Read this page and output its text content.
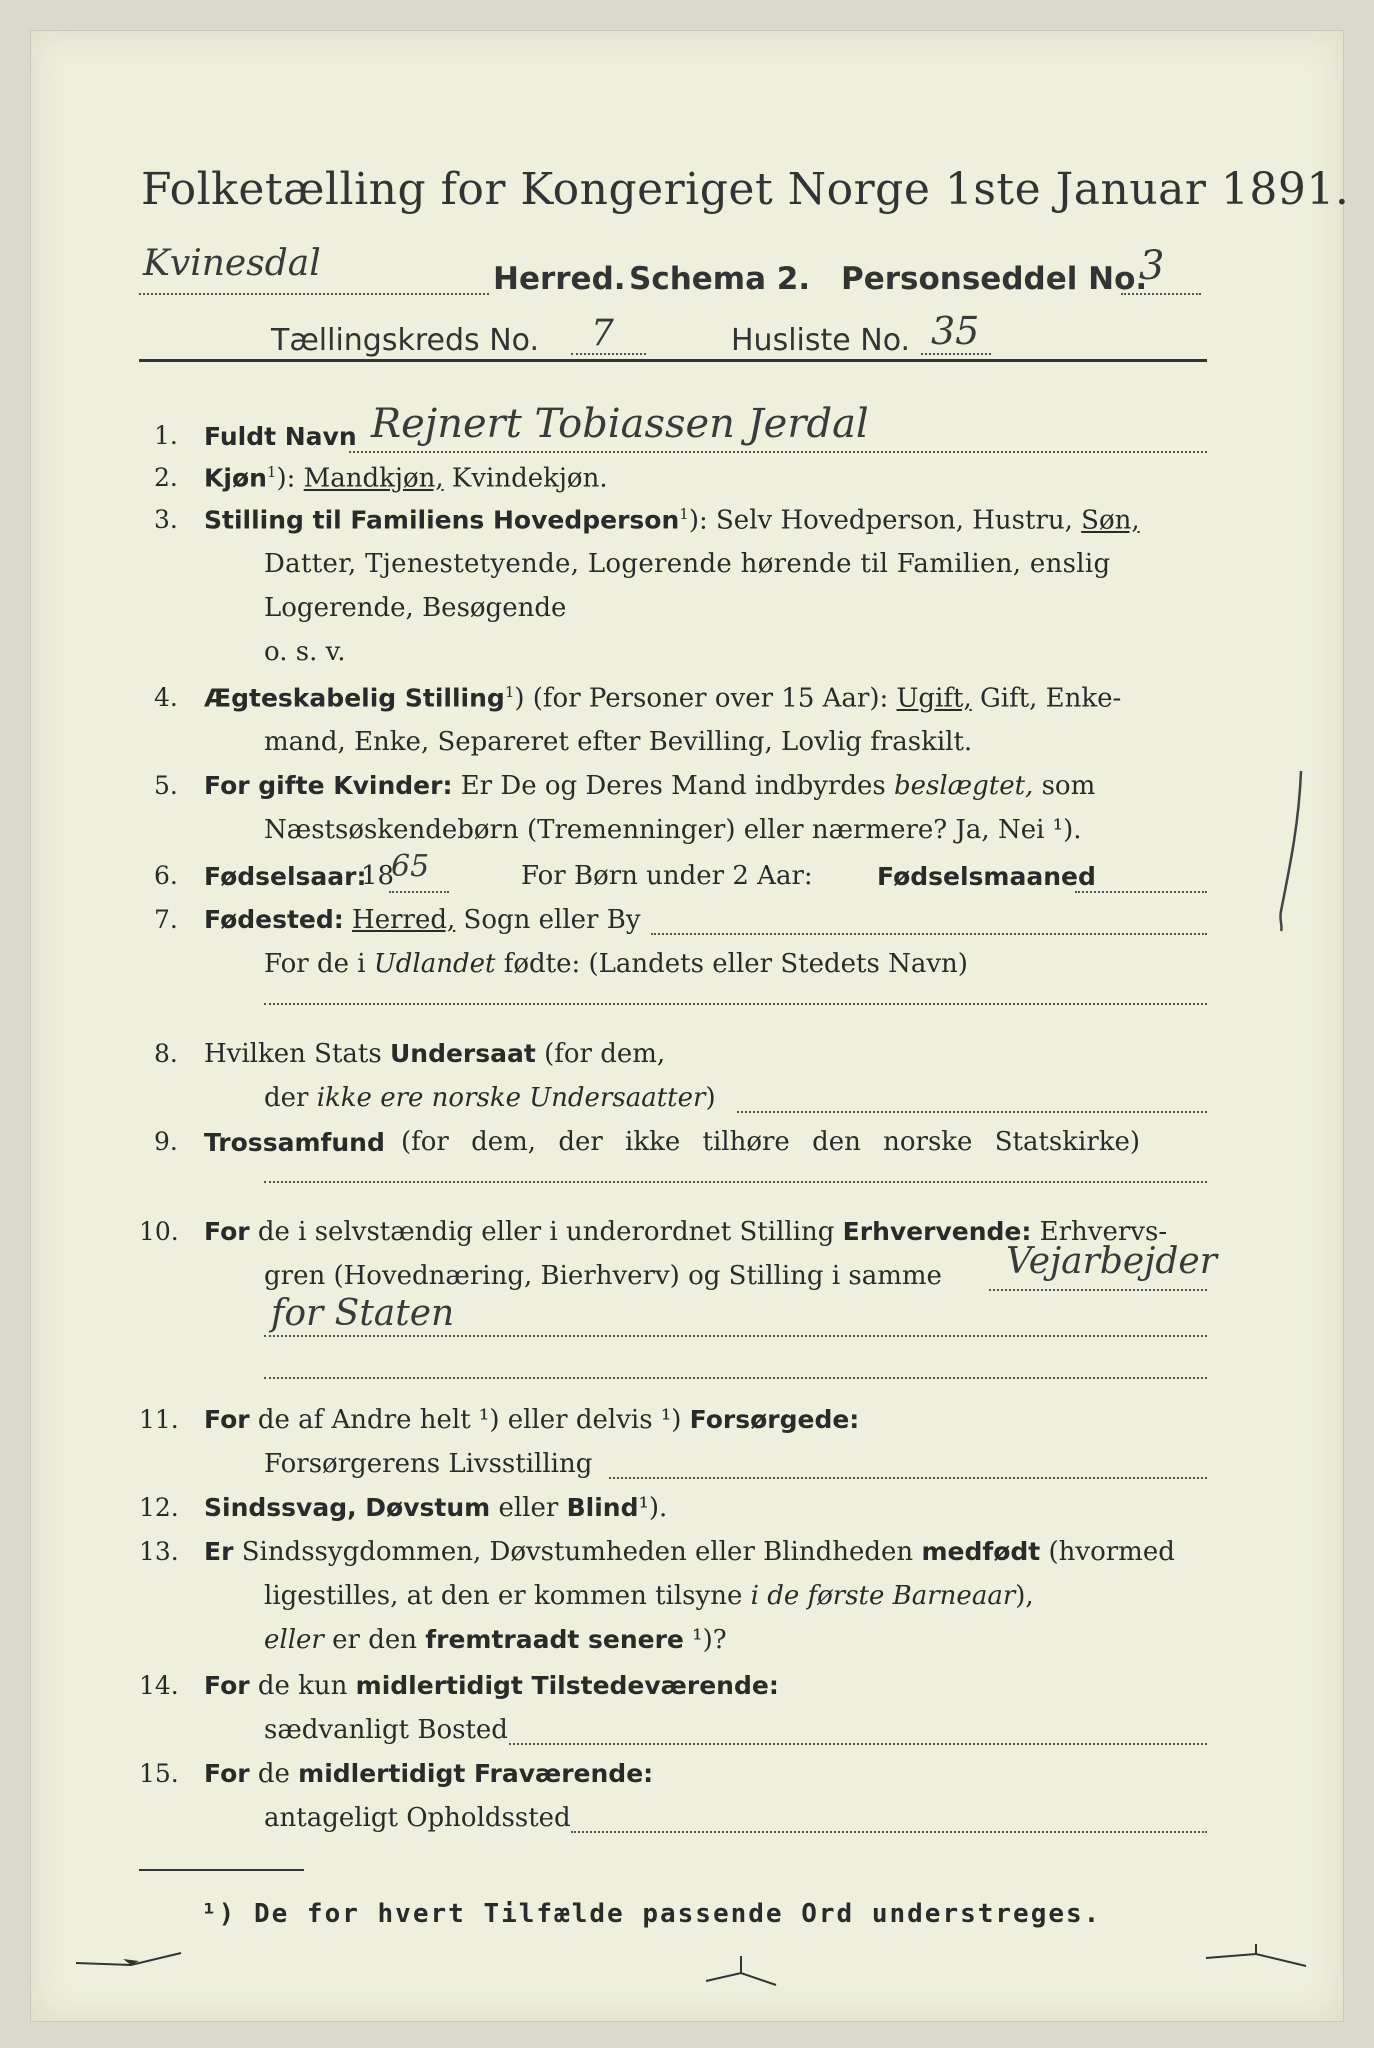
Folketælling for Kongeriget Norge 1ste Januar 1891.
Kvinesdal	Herred. Schema 2. Personseddel No.
3
Tællingskreds No. 7	Husliste No. 35
1. Fuldt Navn Rejnert Tobiassen Jerdal
2. Kjøn$^1$): Mandkjøn, Kvindekjøn.
3. Stilling til Familiens Hovedperson$^1$): Selv Hovedperson, Hustru, Søn,
Datter, Tjenestetyende, Logerende hørende til Familien, enslig
Logerende, Besøgende
o. s. v.
4. Ægteskabelig Stilling$^1$) (for Personer over 15 Aar): Ugift, Gift, Enke-
mand, Enke, Separeret efter Bevilling, Lovlig fraskilt.
5. For gifte Kvinder: Er De og Deres Mand indbyrdes beslægtet, som
Næstsøskendebørn (Tremenninger) eller nærmere? Ja, Nei ¹).
6. Fødselsaar:
18
65	For Børn under 2 Aar:	Fødselsmaaned
7. Fødested: Herred, Sogn eller By
For de i Udlandet fødte: (Landets eller Stedets Navn)
8. Hvilken Stats Undersaat (for dem,
der ikke ere norske Undersaatter)
9. Trossamfund (for dem, der ikke tilhøre den norske Statskirke)
10. For de i selvstændig eller i underordnet Stilling Erhvervende: Erhvervs-
gren (Hovednæring, Bierhverv) og Stilling i samme Vejarbejder
for Staten
11. For de af Andre helt ¹) eller delvis ¹) Forsørgede:
Forsørgerens Livsstilling
12. Sindssvag, Døvstum eller Blind¹).
13. Er Sindssygdommen, Døvstumheden eller Blindheden medfødt (hvormed
ligestilles, at den er kommen tilsyne i de første Barneaar),
eller er den fremtraadt senere ¹)?
14. For de kun midlertidigt Tilstedeværende:
sædvanligt Bosted
15. For de midlertidigt Fraværende:
antageligt Opholdssted
¹) De for hvert Tilfælde passende Ord understreges.
